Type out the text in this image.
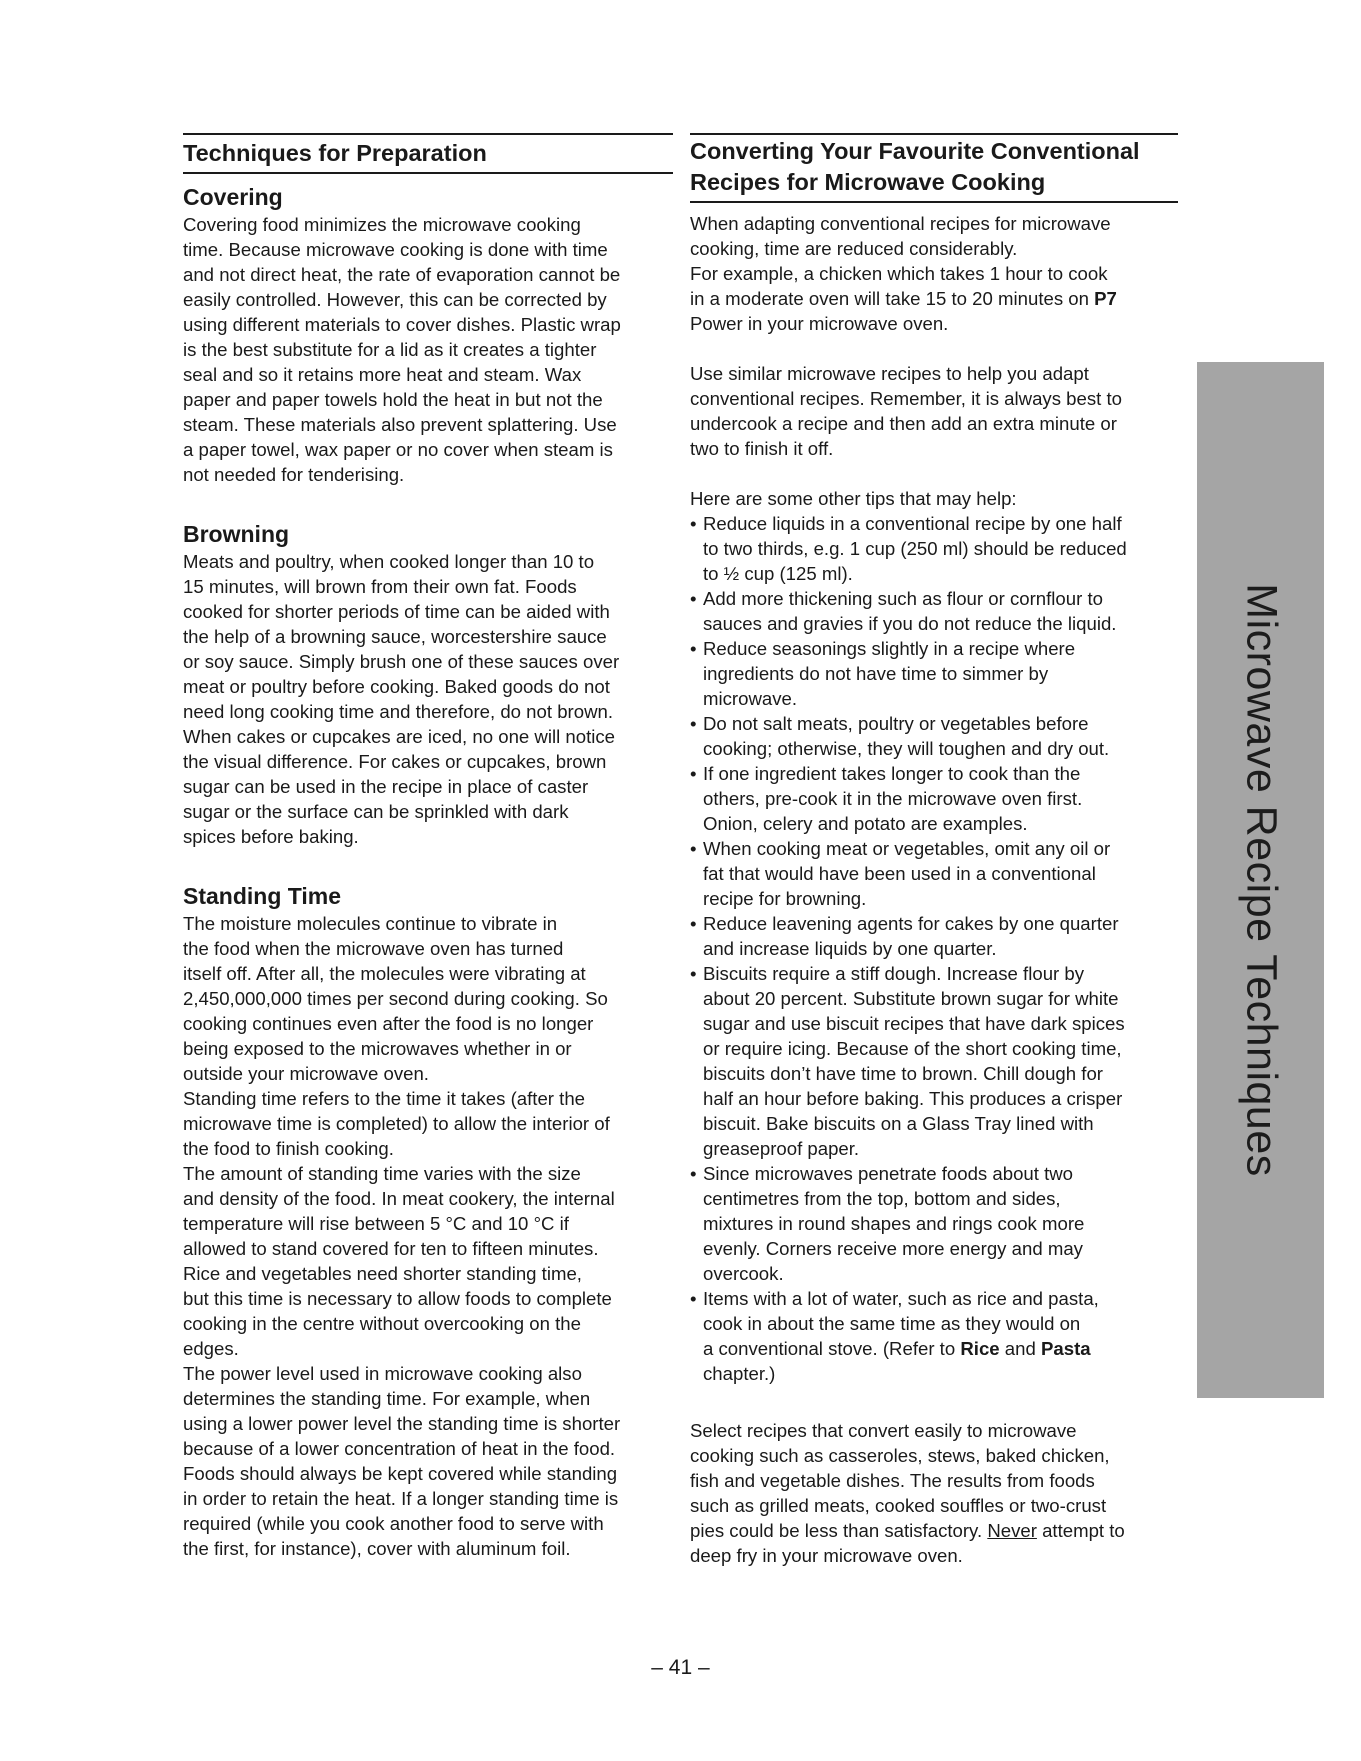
Techniques for Preparation
Covering

Covering food minimizes the microwave cooking

time. Because microwave cooking is done with time

and not direct heat, the rate of evaporation cannot be

easily controlled. However, this can be corrected by

using different materials to cover dishes. Plastic wrap

is the best substitute for a lid as it creates a tighter

seal and so it retains more heat and steam. Wax

paper and paper towels hold the heat in but not the

steam. These materials also prevent splattering. Use

a paper towel, wax paper or no cover when steam is

not needed for tenderising.

Browning

Meats and poultry, when cooked longer than 10 to

15 minutes, will brown from their own fat. Foods

cooked for shorter periods of time can be aided with

the help of a browning sauce, worcestershire sauce

or soy sauce. Simply brush one of these sauces over

meat or poultry before cooking. Baked goods do not

need long cooking time and therefore, do not brown.

When cakes or cupcakes are iced, no one will notice

the visual difference. For cakes or cupcakes, brown

sugar can be used in the recipe in place of caster

sugar or the surface can be sprinkled with dark

spices before baking.

Standing Time

The moisture molecules continue to vibrate in

the food when the microwave oven has turned

itself off. After all, the molecules were vibrating at

2,450,000,000 times per second during cooking. So

cooking continues even after the food is no longer

being exposed to the microwaves whether in or

outside your microwave oven.

Standing time refers to the time it takes (after the

microwave time is completed) to allow the interior of

the food to finish cooking.

The amount of standing time varies with the size

and density of the food. In meat cookery, the internal

temperature will rise between 5 °C and 10 °C if

allowed to stand covered for ten to fifteen minutes.

Rice and vegetables need shorter standing time,

but this time is necessary to allow foods to complete

cooking in the centre without overcooking on the

edges.

The power level used in microwave cooking also

determines the standing time. For example, when

using a lower power level the standing time is shorter

because of a lower concentration of heat in the food.

Foods should always be kept covered while standing

in order to retain the heat. If a longer standing time is

required (while you cook another food to serve with

the first, for instance), cover with aluminum foil.

Converting Your Favourite Conventional
Recipes for Microwave Cooking

When adapting conventional recipes for microwave

cooking, time are reduced considerably.

For example, a chicken which takes 1 hour to cook

in a moderate oven will take 15 to 20 minutes on P7

Power in your microwave oven.

Use similar microwave recipes to help you adapt

conventional recipes. Remember, it is always best to

undercook a recipe and then add an extra minute or

two to finish it off.

Here are some other tips that may help:

• Reduce liquids in a conventional recipe by one half
to two thirds, e.g. 1 cup (250 ml) should be reduced
to ½ cup (125 ml).
• Add more thickening such as flour or cornflour to
sauces and gravies if you do not reduce the liquid.
• Reduce seasonings slightly in a recipe where
ingredients do not have time to simmer by
microwave.
• Do not salt meats, poultry or vegetables before
cooking; otherwise, they will toughen and dry out.
• If one ingredient takes longer to cook than the
others, pre-cook it in the microwave oven first.
Onion, celery and potato are examples.
• When cooking meat or vegetables, omit any oil or
fat that would have been used in a conventional
recipe for browning.
• Reduce leavening agents for cakes by one quarter
and increase liquids by one quarter.
• Biscuits require a stiff dough. Increase flour by
about 20 percent. Substitute brown sugar for white
sugar and use biscuit recipes that have dark spices
or require icing. Because of the short cooking time,
biscuits don’t have time to brown. Chill dough for
half an hour before baking. This produces a crisper
biscuit. Bake biscuits on a Glass Tray lined with
greaseproof paper.
• Since microwaves penetrate foods about two
centimetres from the top, bottom and sides,
mixtures in round shapes and rings cook more
evenly. Corners receive more energy and may
overcook.
• Items with a lot of water, such as rice and pasta,
cook in about the same time as they would on
a conventional stove. (Refer to Rice and Pasta
chapter.)

Select recipes that convert easily to microwave

cooking such as casseroles, stews, baked chicken,

fish and vegetable dishes. The results from foods

such as grilled meats, cooked souffles or two-crust

pies could be less than satisfactory. Never attempt to

deep fry in your microwave oven.

Microwave Recipe Techniques
– 41 –
